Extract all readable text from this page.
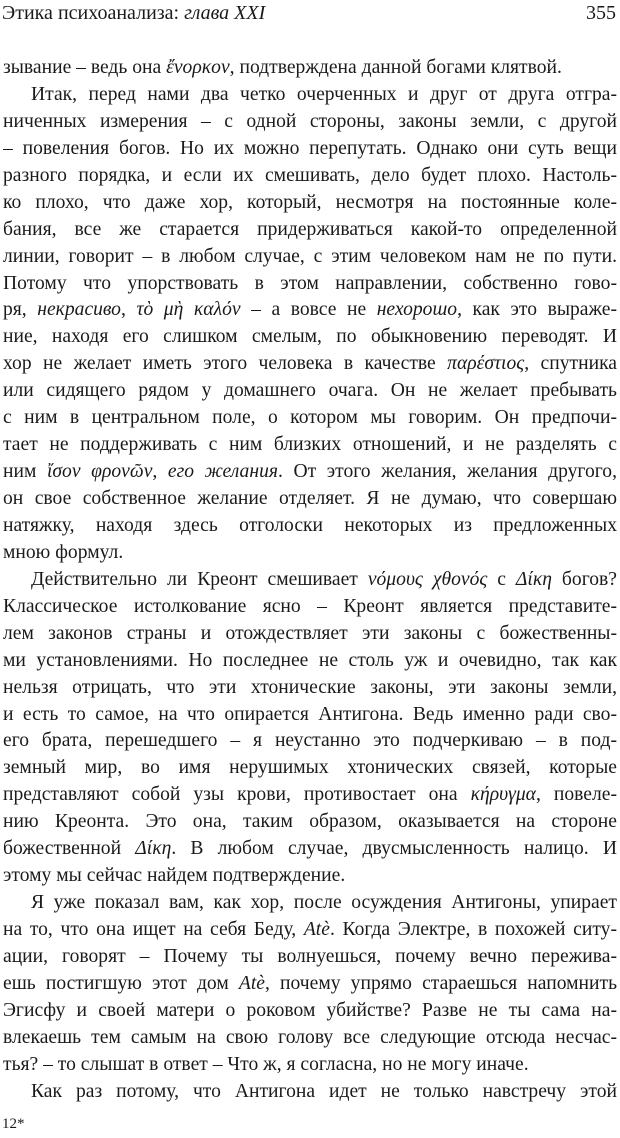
Этика психоанализа: глава XXI	355
зывание – ведь она ἔνορκον, подтверждена данной богами клятвой.
Итак, перед нами два четко очерченных и друг от друга отгра-
ниченных измерения – с одной стороны, законы земли, с другой
– повеления богов. Но их можно перепутать. Однако они суть вещи
разного порядка, и если их смешивать, дело будет плохо. Настоль-
ко плохо, что даже хор, который, несмотря на постоянные коле-
бания, все же старается придерживаться какой-то определенной
линии, говорит – в любом случае, с этим человеком нам не по пути.
Потому что упорствовать в этом направлении, собственно гово-
ря, некрасиво, τὸ μὴ καλόν – а вовсе не нехорошо, как это выраже-
ние, находя его слишком смелым, по обыкновению переводят. И
хор не желает иметь этого человека в качестве παρέστιος, спутника
или сидящего рядом у домашнего очага. Он не желает пребывать
с ним в центральном поле, о котором мы говорим. Он предпочи-
тает не поддерживать с ним близких отношений, и не разделять с
ним ἴσον φρονῶν, его желания. От этого желания, желания другого,
он свое собственное желание отделяет. Я не думаю, что совершаю
натяжку, находя здесь отголоски некоторых из предложенных
мною формул.
Действительно ли Креонт смешивает νόμους χθονός с Δίκη богов?
Классическое истолкование ясно – Креонт является представите-
лем законов страны и отождествляет эти законы с божественны-
ми установлениями. Но последнее не столь уж и очевидно, так как
нельзя отрицать, что эти хтонические законы, эти законы земли,
и есть то самое, на что опирается Антигона. Ведь именно ради сво-
его брата, перешедшего – я неустанно это подчеркиваю – в под-
земный мир, во имя нерушимых хтонических связей, которые
представляют собой узы крови, противостает она κήρυγμα, повеле-
нию Креонта. Это она, таким образом, оказывается на стороне
божественной Δίκη. В любом случае, двусмысленность налицо. И
этому мы сейчас найдем подтверждение.
Я уже показал вам, как хор, после осуждения Антигоны, упирает
на то, что она ищет на себя Беду, Atè. Когда Электре, в похожей ситу-
ации, говорят – Почему ты волнуешься, почему вечно пережива-
ешь постигшую этот дом Atè, почему упрямо стараешься напомнить
Эгисфу и своей матери о роковом убийстве? Разве не ты сама на-
влекаешь тем самым на свою голову все следующие отсюда несчас-
тья? – то слышат в ответ – Что ж, я согласна, но не могу иначе.
Как раз потому, что Антигона идет не только навстречу этой
12*
